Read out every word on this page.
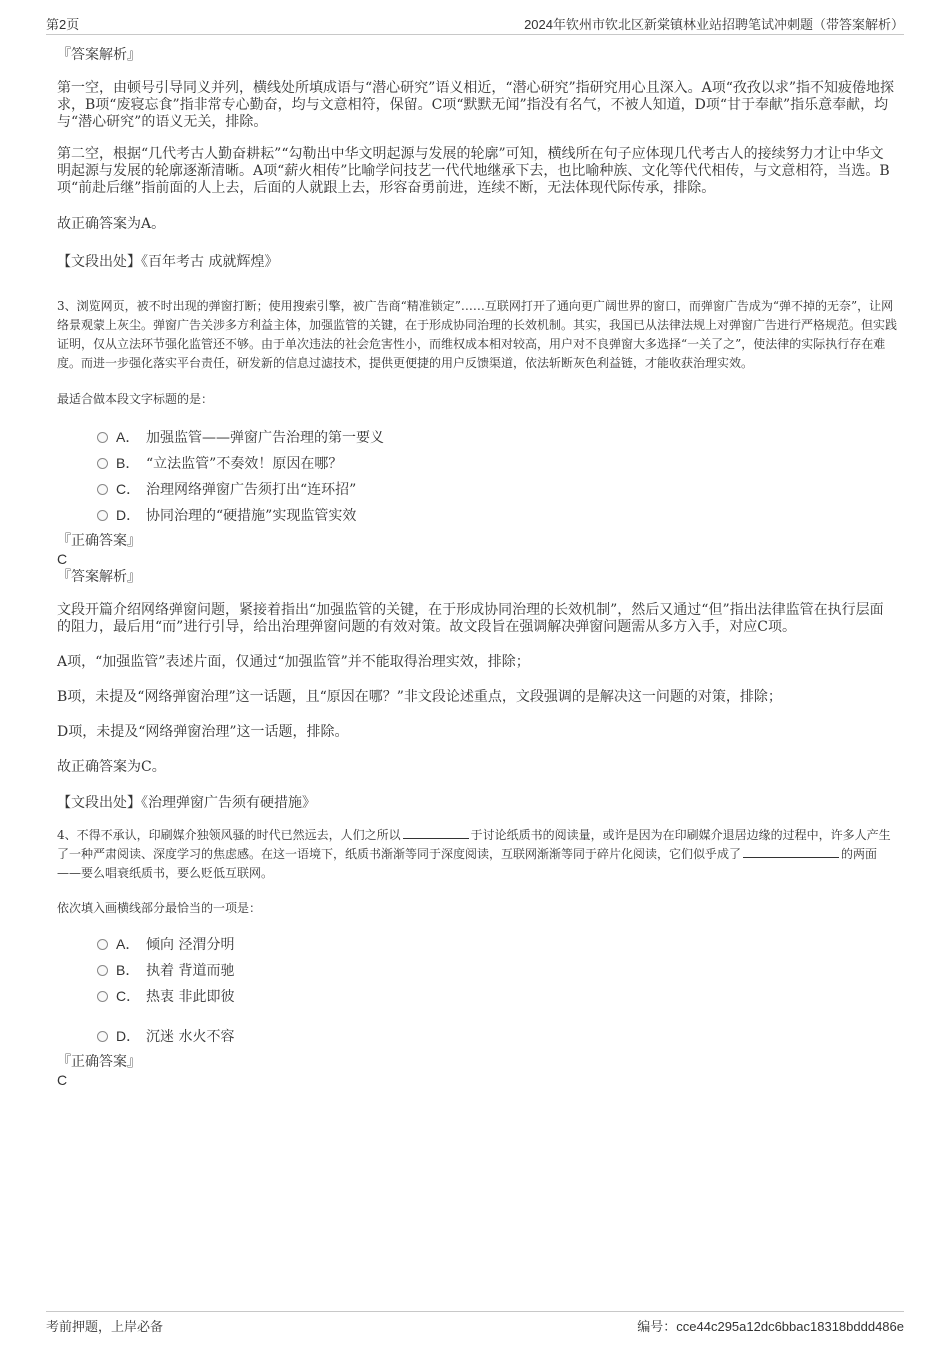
第2页	2024年钦州市钦北区新棠镇林业站招聘笔试冲刺题（带答案解析）

『答案解析』

第一空，由顿号引导同义并列，横线处所填成语与“潜心研究”语义相近，“潜心研究”指研究用心且深入。A项“孜孜以求”指不知疲倦地探求，B项“废寝忘食”指非常专心勤奋，均与文意相符，保留。C项“默默无闻”指没有名气，不被人知道，D项“甘于奉献”指乐意奉献，均与“潜心研究”的语义无关，排除。

第二空，根据“几代考古人勤奋耕耘”“勾勒出中华文明起源与发展的轮廓”可知，横线所在句子应体现几代考古人的接续努力才让中华文明起源与发展的轮廓逐渐清晰。A项“薪火相传”比喻学问技艺一代代地继承下去，也比喻种族、文化等代代相传，与文意相符，当选。B项“前赴后继”指前面的人上去，后面的人就跟上去，形容奋勇前进，连续不断，无法体现代际传承，排除。

故正确答案为A。

【文段出处】《百年考古 成就辉煌》

3、浏览网页，被不时出现的弹窗打断；使用搜索引擎，被广告商“精准锁定”……互联网打开了通向更广阔世界的窗口，而弹窗广告成为“弹不掉的无奈”，让网络景观蒙上灰尘。弹窗广告关涉多方利益主体，加强监管的关键，在于形成协同治理的长效机制。其实，我国已从法律法规上对弹窗广告进行严格规范。但实践证明，仅从立法环节强化监管还不够。由于单次违法的社会危害性小，而维权成本相对较高，用户对不良弹窗大多选择“一关了之”，使法律的实际执行存在难度。而进一步强化落实平台责任，研发新的信息过滤技术，提供更便捷的用户反馈渠道，依法斩断灰色利益链，才能收获治理实效。

最适合做本段文字标题的是：

A． 加强监管——弹窗广告治理的第一要义
B． “立法监管”不奏效！原因在哪？
C． 治理网络弹窗广告须打出“连环招”
D． 协同治理的“硬措施”实现监管实效

『正确答案』

C

『答案解析』

文段开篇介绍网络弹窗问题，紧接着指出“加强监管的关键，在于形成协同治理的长效机制”，然后又通过“但”指出法律监管在执行层面的阻力，最后用“而”进行引导，给出治理弹窗问题的有效对策。故文段旨在强调解决弹窗问题需从多方入手，对应C项。

A项，“加强监管”表述片面，仅通过“加强监管”并不能取得治理实效，排除；

B项，未提及“网络弹窗治理”这一话题，且“原因在哪？”非文段论述重点，文段强调的是解决这一问题的对策，排除；

D项，未提及“网络弹窗治理”这一话题，排除。

故正确答案为C。

【文段出处】《治理弹窗广告须有硬措施》

4、不得不承认，印刷媒介独领风骚的时代已然远去，人们之所以	于讨论纸质书的阅读量，或许是因为在印刷媒介退居边缘的过程中，许多人产生了一种严肃阅读、深度学习的焦虑感。在这一语境下，纸质书渐渐等同于深度阅读，互联网渐渐等同于碎片化阅读，它们似乎成了	的两面——要么唱衰纸质书，要么贬低互联网。

依次填入画横线部分最恰当的一项是：

A． 倾向 泾渭分明
B． 执着 背道而驰
C． 热衷 非此即彼
D． 沉迷 水火不容

『正确答案』

C

考前押题，上岸必备	编号：cce44c295a12dc6bbac18318bddd486e
